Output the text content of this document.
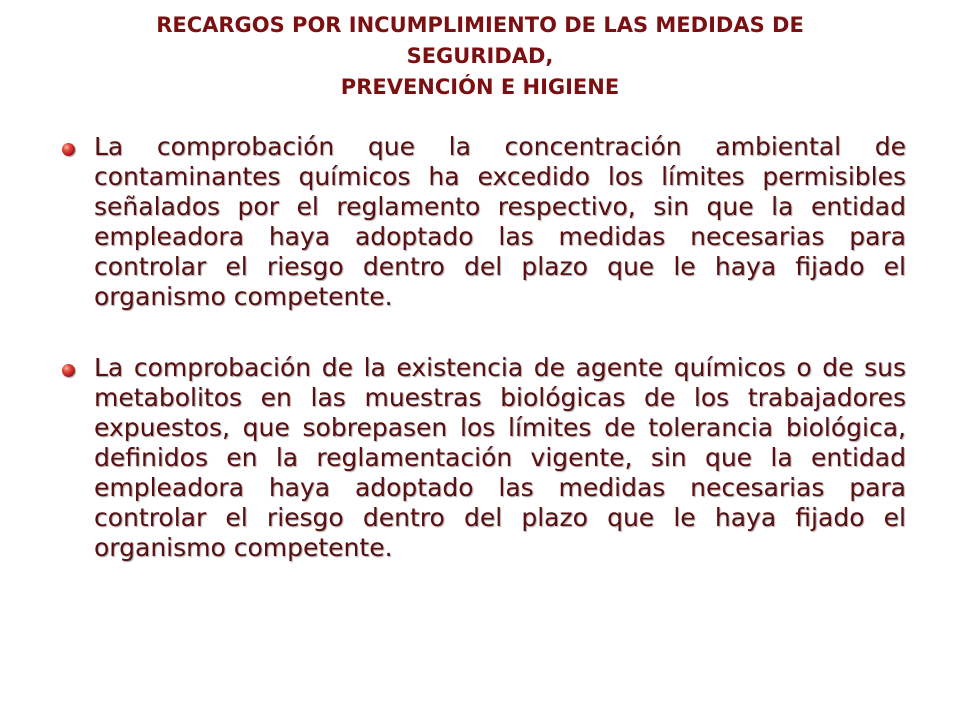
RECARGOS POR INCUMPLIMIENTO DE LAS MEDIDAS DE
SEGURIDAD,
PREVENCIÓN E HIGIENE

La comprobación que la concentración ambiental de contaminantes químicos ha excedido los límites permisibles señalados por el reglamento respectivo, sin que la entidad empleadora haya adoptado las medidas necesarias para controlar el riesgo dentro del plazo que le haya fijado el organismo competente.

La comprobación de la existencia de agente químicos o de sus metabolitos en las muestras biológicas de los trabajadores expuestos, que sobrepasen los límites de tolerancia biológica, definidos en la reglamentación vigente, sin que la entidad empleadora haya adoptado las medidas necesarias para controlar el riesgo dentro del plazo que le haya fijado el organismo competente.
